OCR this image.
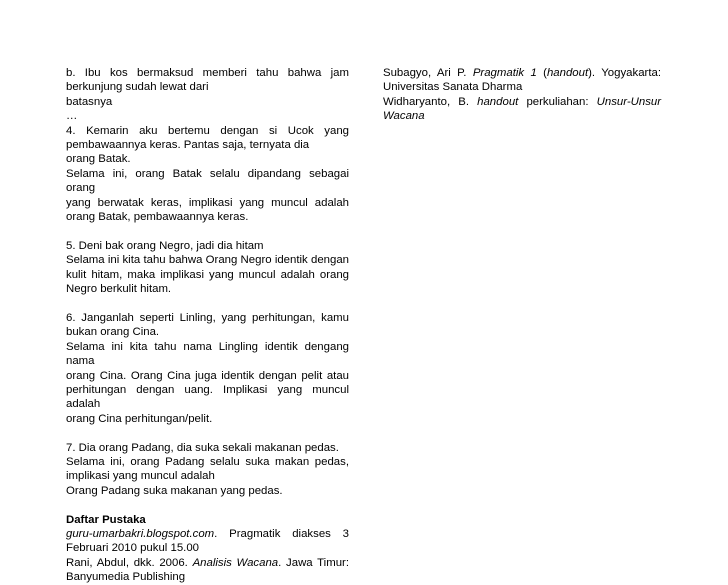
b. Ibu kos bermaksud memberi tahu bahwa jam

berkunjung sudah lewat dari

batasnya

…

4. Kemarin aku bertemu dengan si Ucok yang

pembawaannya keras. Pantas saja, ternyata dia

orang Batak.

Selama ini, orang Batak selalu dipandang sebagai orang

yang berwatak keras, implikasi yang muncul adalah

orang Batak, pembawaannya keras.

5. Deni bak orang Negro, jadi dia hitam

Selama ini kita tahu bahwa Orang Negro identik dengan

kulit hitam, maka implikasi yang muncul adalah orang

Negro berkulit hitam.

6. Janganlah seperti Linling, yang perhitungan, kamu

bukan orang Cina.

Selama ini kita tahu nama Lingling identik dengang nama

orang Cina. Orang Cina juga identik dengan pelit atau

perhitungan dengan uang. Implikasi yang muncul adalah

orang Cina perhitungan/pelit.

7. Dia orang Padang, dia suka sekali makanan pedas.

Selama ini, orang Padang selalu suka makan pedas,

implikasi yang muncul adalah

Orang Padang suka makanan yang pedas.

Daftar Pustaka

guru-umarbakri.blogspot.com. Pragmatik diakses 3

Februari 2010 pukul 15.00

Rani, Abdul, dkk. 2006. Analisis Wacana. Jawa Timur:

Banyumedia Publishing

Subagyo, Ari P. Pragmatik 1 (handout). Yogyakarta:

Universitas Sanata Dharma

Widharyanto, B. handout perkuliahan: Unsur-Unsur

Wacana
